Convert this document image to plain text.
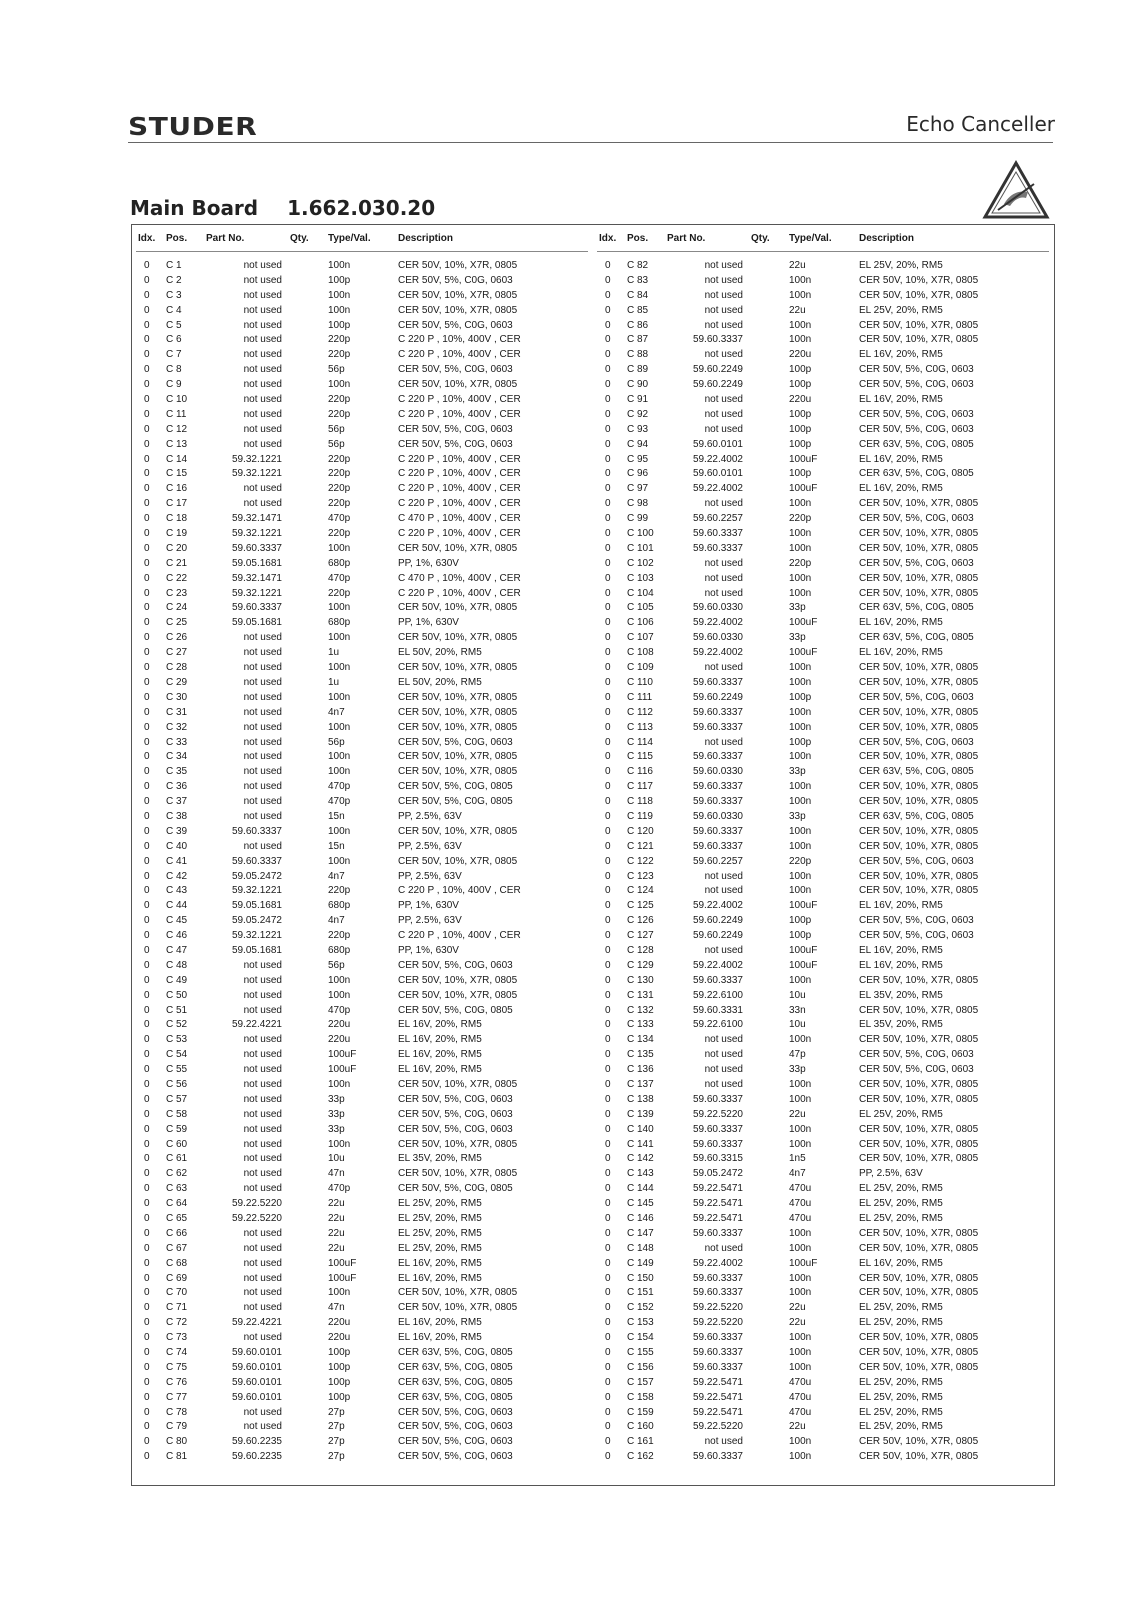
STUDER	Echo Canceller
Main Board 1.662.030.20
Idx. Pos. Part No.	Qty. Type/Val.	Description
0 C 1	not used	100n	CER 50V, 10%, X7R, 0805
0 C 2	not used	100p	CER 50V, 5%, C0G, 0603
0 C 3	not used	100n	CER 50V, 10%, X7R, 0805
0 C 4	not used	100n	CER 50V, 10%, X7R, 0805
0 C 5	not used	100p	CER 50V, 5%, C0G, 0603
0 C 6	not used	220p	C 220 P , 10%, 400V , CER
0 C 7	not used	220p	C 220 P , 10%, 400V , CER
0 C 8	not used	56p	CER 50V, 5%, C0G, 0603
0 C 9	not used	100n	CER 50V, 10%, X7R, 0805
0 C 10	not used	220p	C 220 P , 10%, 400V , CER
0 C 11	not used	220p	C 220 P , 10%, 400V , CER
0 C 12	not used	56p	CER 50V, 5%, C0G, 0603
0 C 13	not used	56p	CER 50V, 5%, C0G, 0603
0 C 14	59.32.1221	220p	C 220 P , 10%, 400V , CER
0 C 15	59.32.1221	220p	C 220 P , 10%, 400V , CER
0 C 16	not used	220p	C 220 P , 10%, 400V , CER
0 C 17	not used	220p	C 220 P , 10%, 400V , CER
0 C 18	59.32.1471	470p	C 470 P , 10%, 400V , CER
0 C 19	59.32.1221	220p	C 220 P , 10%, 400V , CER
0 C 20	59.60.3337	100n	CER 50V, 10%, X7R, 0805
0 C 21	59.05.1681	680p	PP, 1%, 630V
0 C 22	59.32.1471	470p	C 470 P , 10%, 400V , CER
0 C 23	59.32.1221	220p	C 220 P , 10%, 400V , CER
0 C 24	59.60.3337	100n	CER 50V, 10%, X7R, 0805
0 C 25	59.05.1681	680p	PP, 1%, 630V
0 C 26	not used	100n	CER 50V, 10%, X7R, 0805
0 C 27	not used	1u	EL 50V, 20%, RM5
0 C 28	not used	100n	CER 50V, 10%, X7R, 0805
0 C 29	not used	1u	EL 50V, 20%, RM5
0 C 30	not used	100n	CER 50V, 10%, X7R, 0805
0 C 31	not used	4n7	CER 50V, 10%, X7R, 0805
0 C 32	not used	100n	CER 50V, 10%, X7R, 0805
0 C 33	not used	56p	CER 50V, 5%, C0G, 0603
0 C 34	not used	100n	CER 50V, 10%, X7R, 0805
0 C 35	not used	100n	CER 50V, 10%, X7R, 0805
0 C 36	not used	470p	CER 50V, 5%, C0G, 0805
0 C 37	not used	470p	CER 50V, 5%, C0G, 0805
0 C 38	not used	15n	PP, 2.5%, 63V
0 C 39	59.60.3337	100n	CER 50V, 10%, X7R, 0805
0 C 40	not used	15n	PP, 2.5%, 63V
0 C 41	59.60.3337	100n	CER 50V, 10%, X7R, 0805
0 C 42	59.05.2472	4n7	PP, 2.5%, 63V
0 C 43	59.32.1221	220p	C 220 P , 10%, 400V , CER
0 C 44	59.05.1681	680p	PP, 1%, 630V
0 C 45	59.05.2472	4n7	PP, 2.5%, 63V
0 C 46	59.32.1221	220p	C 220 P , 10%, 400V , CER
0 C 47	59.05.1681	680p	PP, 1%, 630V
0 C 48	not used	56p	CER 50V, 5%, C0G, 0603
0 C 49	not used	100n	CER 50V, 10%, X7R, 0805
0 C 50	not used	100n	CER 50V, 10%, X7R, 0805
0 C 51	not used	470p	CER 50V, 5%, C0G, 0805
0 C 52	59.22.4221	220u	EL 16V, 20%, RM5
0 C 53	not used	220u	EL 16V, 20%, RM5
0 C 54	not used	100uF	EL 16V, 20%, RM5
0 C 55	not used	100uF	EL 16V, 20%, RM5
0 C 56	not used	100n	CER 50V, 10%, X7R, 0805
0 C 57	not used	33p	CER 50V, 5%, C0G, 0603
0 C 58	not used	33p	CER 50V, 5%, C0G, 0603
0 C 59	not used	33p	CER 50V, 5%, C0G, 0603
0 C 60	not used	100n	CER 50V, 10%, X7R, 0805
0 C 61	not used	10u	EL 35V, 20%, RM5
0 C 62	not used	47n	CER 50V, 10%, X7R, 0805
0 C 63	not used	470p	CER 50V, 5%, C0G, 0805
0 C 64	59.22.5220	22u	EL 25V, 20%, RM5
0 C 65	59.22.5220	22u	EL 25V, 20%, RM5
0 C 66	not used	22u	EL 25V, 20%, RM5
0 C 67	not used	22u	EL 25V, 20%, RM5
0 C 68	not used	100uF	EL 16V, 20%, RM5
0 C 69	not used	100uF	EL 16V, 20%, RM5
0 C 70	not used	100n	CER 50V, 10%, X7R, 0805
0 C 71	not used	47n	CER 50V, 10%, X7R, 0805
0 C 72	59.22.4221	220u	EL 16V, 20%, RM5
0 C 73	not used	220u	EL 16V, 20%, RM5
0 C 74	59.60.0101	100p	CER 63V, 5%, C0G, 0805
0 C 75	59.60.0101	100p	CER 63V, 5%, C0G, 0805
0 C 76	59.60.0101	100p	CER 63V, 5%, C0G, 0805
0 C 77	59.60.0101	100p	CER 63V, 5%, C0G, 0805
0 C 78	not used	27p	CER 50V, 5%, C0G, 0603
0 C 79	not used	27p	CER 50V, 5%, C0G, 0603
0 C 80	59.60.2235	27p	CER 50V, 5%, C0G, 0603
0 C 81	59.60.2235	27p	CER 50V, 5%, C0G, 0603
Idx. Pos. Part No.	Qty. Type/Val.	Description
0 C 82	not used	22u	EL 25V, 20%, RM5
0 C 83	not used	100n	CER 50V, 10%, X7R, 0805
0 C 84	not used	100n	CER 50V, 10%, X7R, 0805
0 C 85	not used	22u	EL 25V, 20%, RM5
0 C 86	not used	100n	CER 50V, 10%, X7R, 0805
0 C 87	59.60.3337	100n	CER 50V, 10%, X7R, 0805
0 C 88	not used	220u	EL 16V, 20%, RM5
0 C 89	59.60.2249	100p	CER 50V, 5%, C0G, 0603
0 C 90	59.60.2249	100p	CER 50V, 5%, C0G, 0603
0 C 91	not used	220u	EL 16V, 20%, RM5
0 C 92	not used	100p	CER 50V, 5%, C0G, 0603
0 C 93	not used	100p	CER 50V, 5%, C0G, 0603
0 C 94	59.60.0101	100p	CER 63V, 5%, C0G, 0805
0 C 95	59.22.4002	100uF	EL 16V, 20%, RM5
0 C 96	59.60.0101	100p	CER 63V, 5%, C0G, 0805
0 C 97	59.22.4002	100uF	EL 16V, 20%, RM5
0 C 98	not used	100n	CER 50V, 10%, X7R, 0805
0 C 99	59.60.2257	220p	CER 50V, 5%, C0G, 0603
0 C 100	59.60.3337	100n	CER 50V, 10%, X7R, 0805
0 C 101	59.60.3337	100n	CER 50V, 10%, X7R, 0805
0 C 102	not used	220p	CER 50V, 5%, C0G, 0603
0 C 103	not used	100n	CER 50V, 10%, X7R, 0805
0 C 104	not used	100n	CER 50V, 10%, X7R, 0805
0 C 105	59.60.0330	33p	CER 63V, 5%, C0G, 0805
0 C 106	59.22.4002	100uF	EL 16V, 20%, RM5
0 C 107	59.60.0330	33p	CER 63V, 5%, C0G, 0805
0 C 108	59.22.4002	100uF	EL 16V, 20%, RM5
0 C 109	not used	100n	CER 50V, 10%, X7R, 0805
0 C 110	59.60.3337	100n	CER 50V, 10%, X7R, 0805
0 C 111	59.60.2249	100p	CER 50V, 5%, C0G, 0603
0 C 112	59.60.3337	100n	CER 50V, 10%, X7R, 0805
0 C 113	59.60.3337	100n	CER 50V, 10%, X7R, 0805
0 C 114	not used	100p	CER 50V, 5%, C0G, 0603
0 C 115	59.60.3337	100n	CER 50V, 10%, X7R, 0805
0 C 116	59.60.0330	33p	CER 63V, 5%, C0G, 0805
0 C 117	59.60.3337	100n	CER 50V, 10%, X7R, 0805
0 C 118	59.60.3337	100n	CER 50V, 10%, X7R, 0805
0 C 119	59.60.0330	33p	CER 63V, 5%, C0G, 0805
0 C 120	59.60.3337	100n	CER 50V, 10%, X7R, 0805
0 C 121	59.60.3337	100n	CER 50V, 10%, X7R, 0805
0 C 122	59.60.2257	220p	CER 50V, 5%, C0G, 0603
0 C 123	not used	100n	CER 50V, 10%, X7R, 0805
0 C 124	not used	100n	CER 50V, 10%, X7R, 0805
0 C 125	59.22.4002	100uF	EL 16V, 20%, RM5
0 C 126	59.60.2249	100p	CER 50V, 5%, C0G, 0603
0 C 127	59.60.2249	100p	CER 50V, 5%, C0G, 0603
0 C 128	not used	100uF	EL 16V, 20%, RM5
0 C 129	59.22.4002	100uF	EL 16V, 20%, RM5
0 C 130	59.60.3337	100n	CER 50V, 10%, X7R, 0805
0 C 131	59.22.6100	10u	EL 35V, 20%, RM5
0 C 132	59.60.3331	33n	CER 50V, 10%, X7R, 0805
0 C 133	59.22.6100	10u	EL 35V, 20%, RM5
0 C 134	not used	100n	CER 50V, 10%, X7R, 0805
0 C 135	not used	47p	CER 50V, 5%, C0G, 0603
0 C 136	not used	33p	CER 50V, 5%, C0G, 0603
0 C 137	not used	100n	CER 50V, 10%, X7R, 0805
0 C 138	59.60.3337	100n	CER 50V, 10%, X7R, 0805
0 C 139	59.22.5220	22u	EL 25V, 20%, RM5
0 C 140	59.60.3337	100n	CER 50V, 10%, X7R, 0805
0 C 141	59.60.3337	100n	CER 50V, 10%, X7R, 0805
0 C 142	59.60.3315	1n5	CER 50V, 10%, X7R, 0805
0 C 143	59.05.2472	4n7	PP, 2.5%, 63V
0 C 144	59.22.5471	470u	EL 25V, 20%, RM5
0 C 145	59.22.5471	470u	EL 25V, 20%, RM5
0 C 146	59.22.5471	470u	EL 25V, 20%, RM5
0 C 147	59.60.3337	100n	CER 50V, 10%, X7R, 0805
0 C 148	not used	100n	CER 50V, 10%, X7R, 0805
0 C 149	59.22.4002	100uF	EL 16V, 20%, RM5
0 C 150	59.60.3337	100n	CER 50V, 10%, X7R, 0805
0 C 151	59.60.3337	100n	CER 50V, 10%, X7R, 0805
0 C 152	59.22.5220	22u	EL 25V, 20%, RM5
0 C 153	59.22.5220	22u	EL 25V, 20%, RM5
0 C 154	59.60.3337	100n	CER 50V, 10%, X7R, 0805
0 C 155	59.60.3337	100n	CER 50V, 10%, X7R, 0805
0 C 156	59.60.3337	100n	CER 50V, 10%, X7R, 0805
0 C 157	59.22.5471	470u	EL 25V, 20%, RM5
0 C 158	59.22.5471	470u	EL 25V, 20%, RM5
0 C 159	59.22.5471	470u	EL 25V, 20%, RM5
0 C 160	59.22.5220	22u	EL 25V, 20%, RM5
0 C 161	not used	100n	CER 50V, 10%, X7R, 0805
0 C 162	59.60.3337	100n	CER 50V, 10%, X7R, 0805
